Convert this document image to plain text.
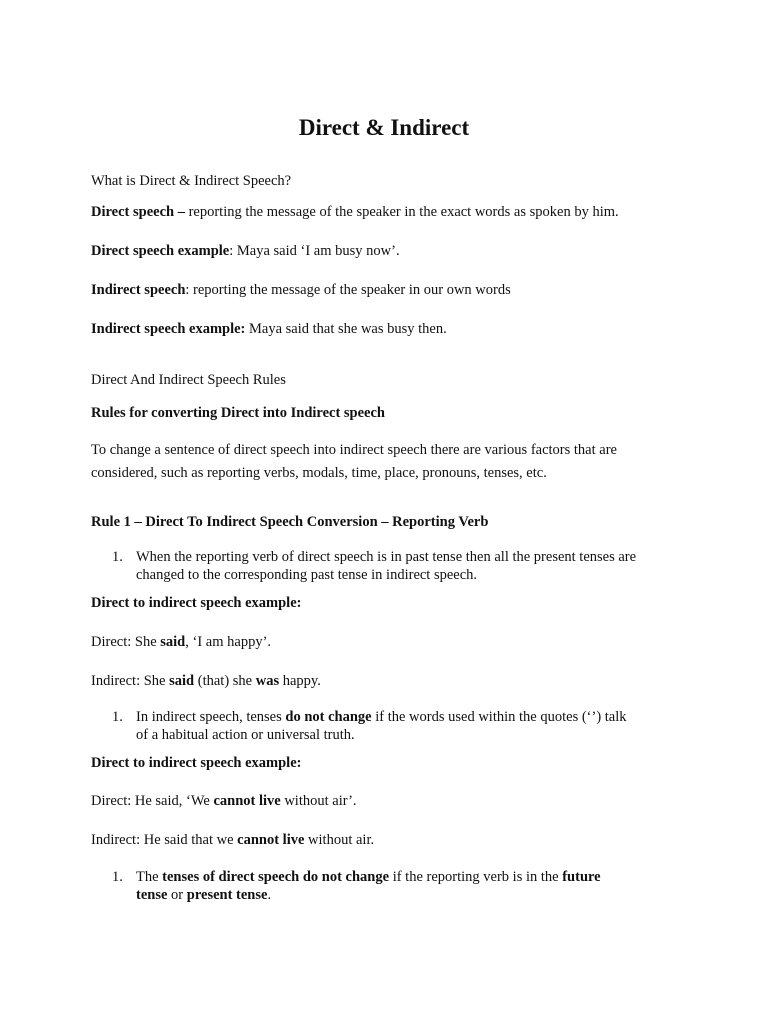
Direct & Indirect
What is Direct & Indirect Speech?
Direct speech – reporting the message of the speaker in the exact words as spoken by him.
Direct speech example: Maya said ‘I am busy now’.
Indirect speech: reporting the message of the speaker in our own words
Indirect speech example: Maya said that she was busy then.
Direct And Indirect Speech Rules
Rules for converting Direct into Indirect speech
To change a sentence of direct speech into indirect speech there are various factors that are considered, such as reporting verbs, modals, time, place, pronouns, tenses, etc.
Rule 1 – Direct To Indirect Speech Conversion – Reporting Verb
1. When the reporting verb of direct speech is in past tense then all the present tenses are
changed to the corresponding past tense in indirect speech.
Direct to indirect speech example:
Direct: She said, ‘I am happy’.
Indirect: She said (that) she was happy.
1. In indirect speech, tenses do not change if the words used within the quotes (‘’) talk
of a habitual action or universal truth.
Direct to indirect speech example:
Direct: He said, ‘We cannot live without air’.
Indirect: He said that we cannot live without air.
1. The tenses of direct speech do not change if the reporting verb is in the future
tense or present tense.
